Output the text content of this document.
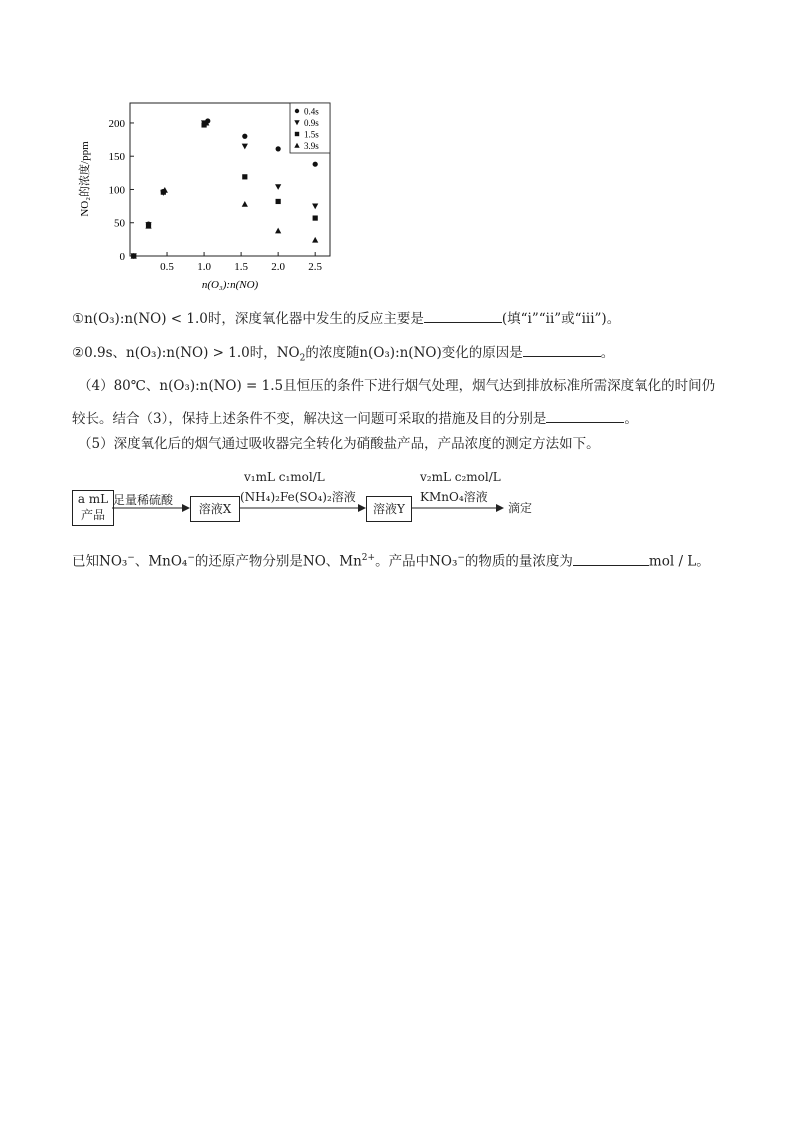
0.5 1.0 1.5 2.0 2.5
0
50
100
150
200
0.4s
0.9s
1.5s
3.9s
n(O₃):n(NO)
NO₂的浓度/ppm
①n(O₃):n(NO) < 1.0时，深度氧化器中发生的反应主要是	(填“i”“ii”或“iii”)。
②0.9s、n(O₃):n(NO) > 1.0时，$NO_2$的浓度随n(O₃):n(NO)变化的原因是	。
（4）80℃、n(O₃):n(NO) = 1.5且恒压的条件下进行烟气处理，烟气达到排放标准所需深度氧化的时间仍
较长。结合（3），保持上述条件不变，解决这一问题可采取的措施及目的分别是	。
（5）深度氧化后的烟气通过吸收器完全转化为硝酸盐产品，产品浓度的测定方法如下。
a mL
产品
足量稀硫酸
溶液X
v₁mL c₁mol/L
(NH₄)₂Fe(SO₄)₂溶液
溶液Y
v₂mL c₂mol/L
KMnO₄溶液
滴定
已知NO₃−、MnO₄−的还原产物分别是NO、$Mn^{2+}$。产品中NO₃−的物质的量浓度为	mol / L。
